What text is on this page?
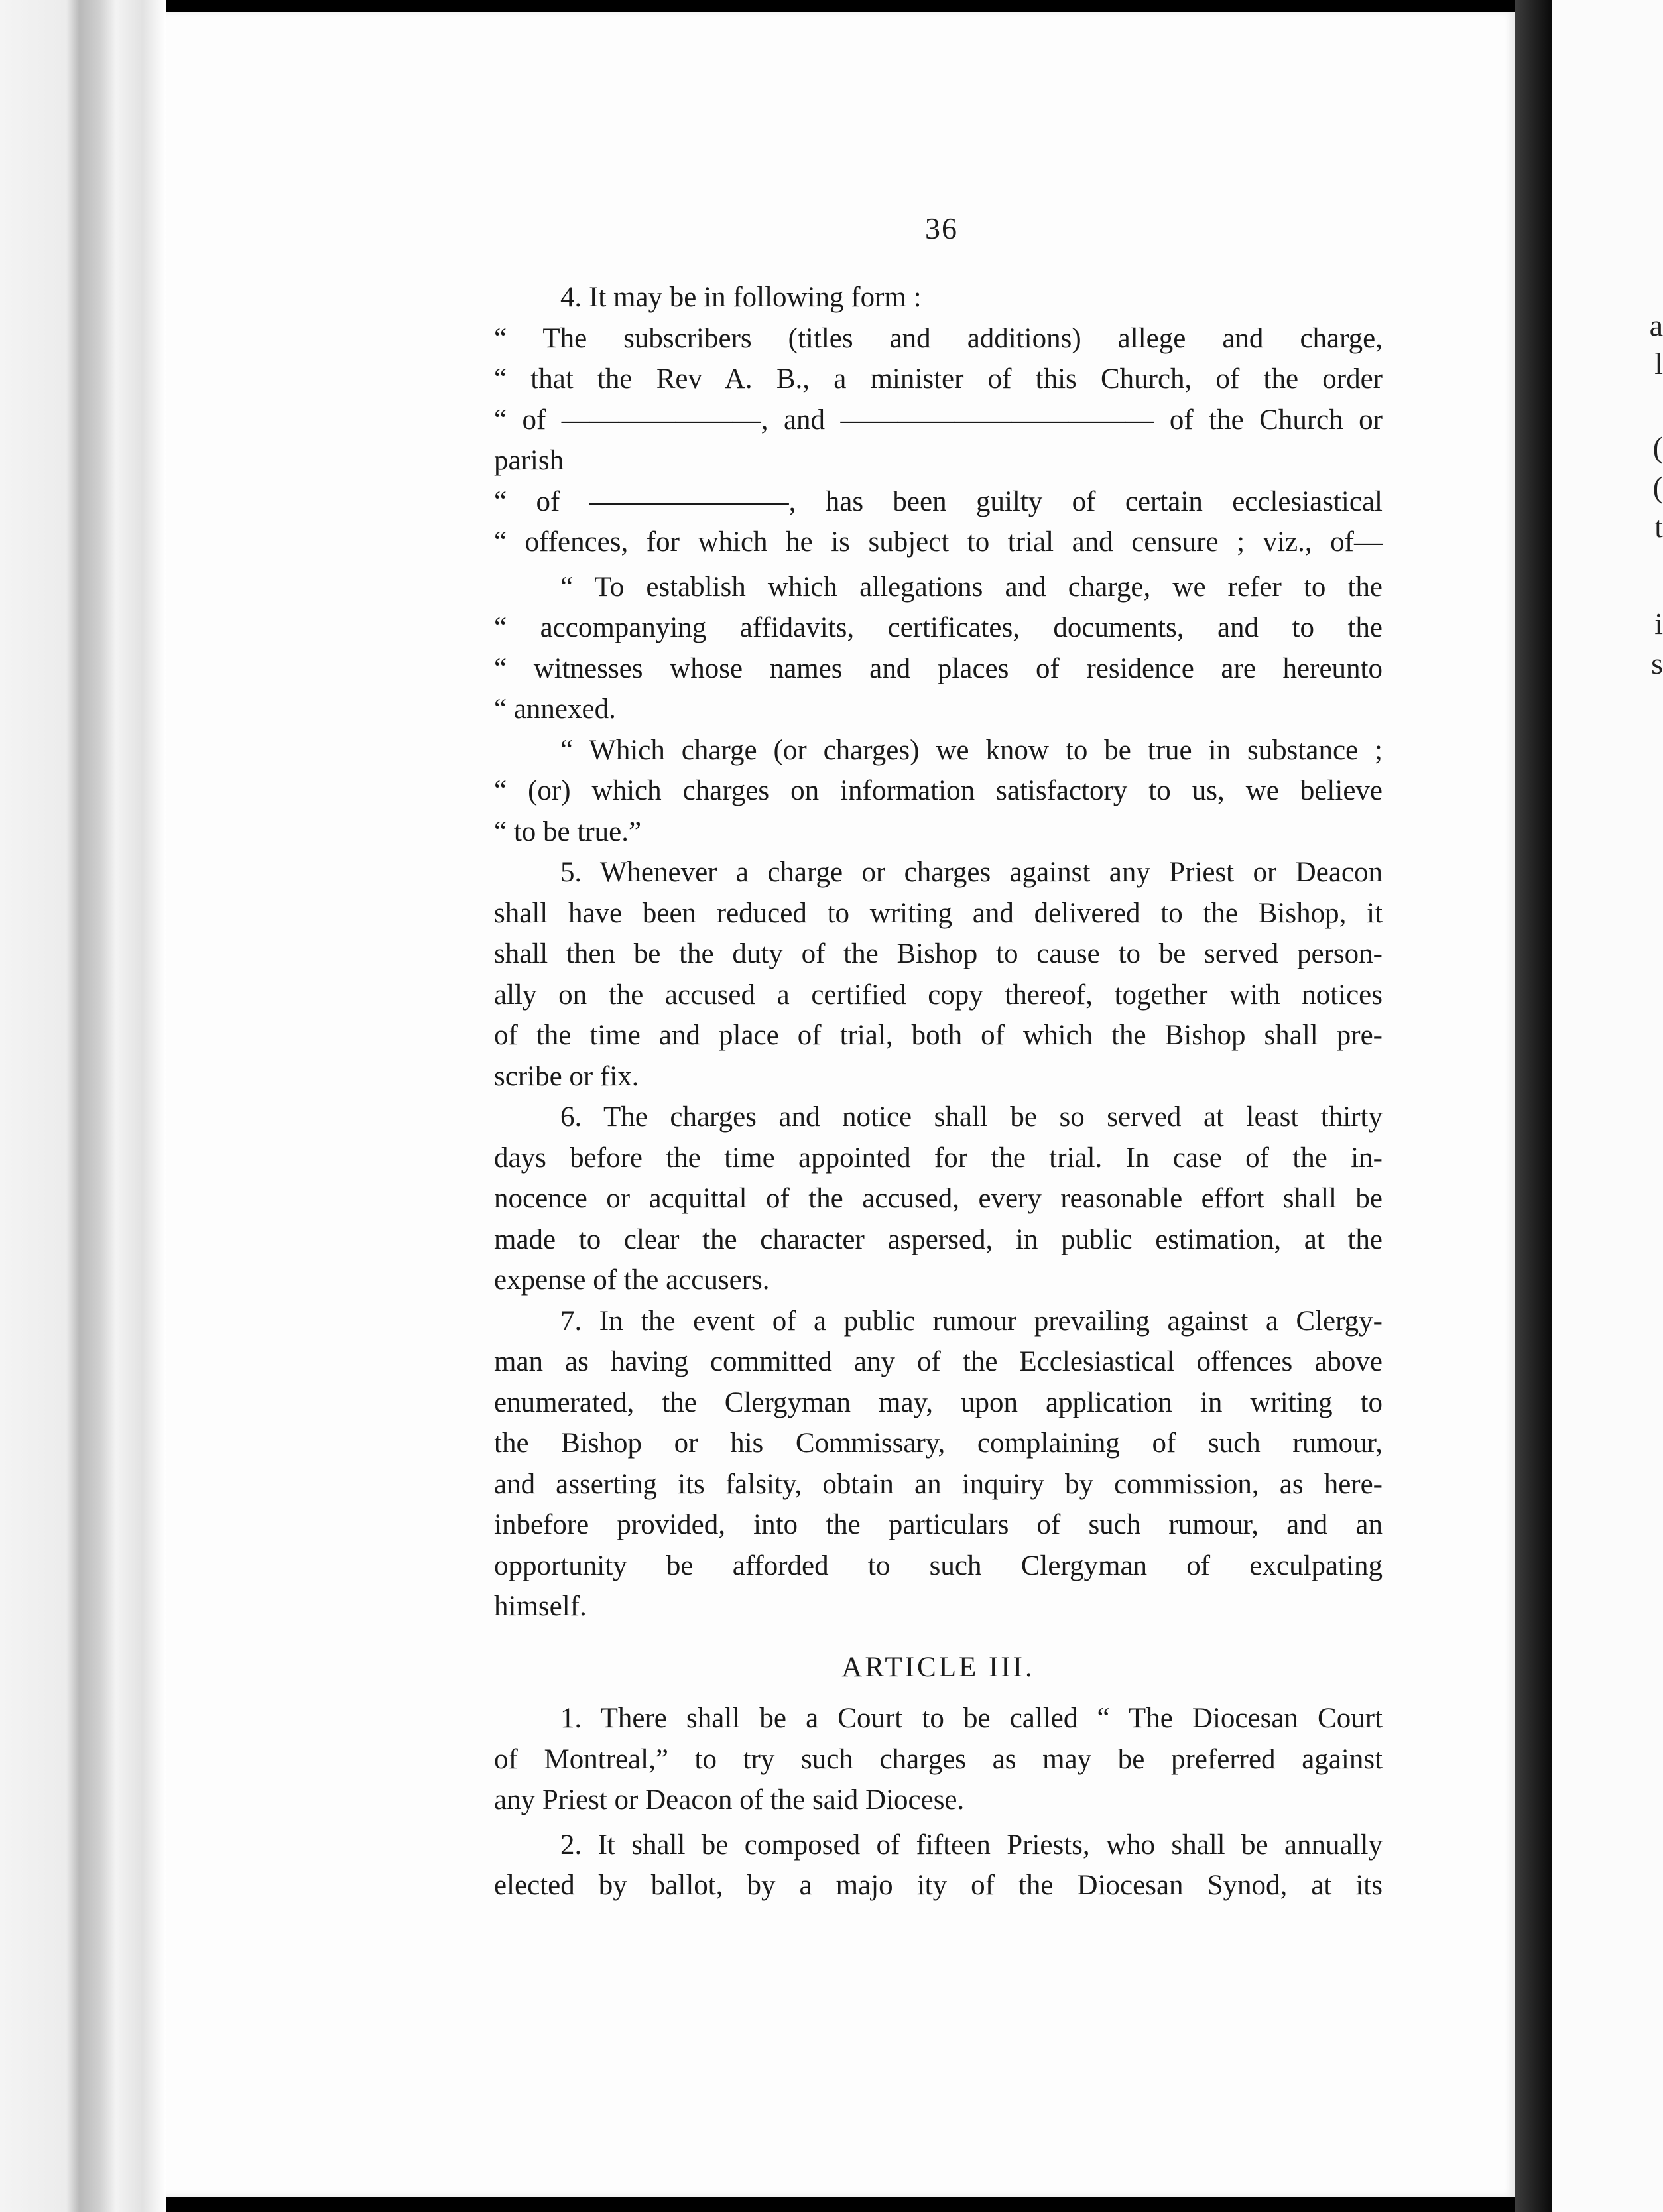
a
l
(
(
t
i
s
36

4. It may be in following form :

“ The subscribers (titles and additions) allege and charge,

“ that the Rev A. B., a minister of this Church, of the order

“ of ———————, and ——————————— of the Church or parish

“ of ———————, has been guilty of certain ecclesiastical

“ offences, for which he is subject to trial and censure ; viz., of—

“ To establish which allegations and charge, we refer to the

“ accompanying affidavits, certificates, documents, and to the

“ witnesses whose names and places of residence are hereunto

“ annexed.

“ Which charge (or charges) we know to be true in substance ;

“ (or) which charges on information satisfactory to us, we believe

“ to be true.”

5. Whenever a charge or charges against any Priest or Deacon

shall have been reduced to writing and delivered to the Bishop, it

shall then be the duty of the Bishop to cause to be served person-

ally on the accused a certified copy thereof, together with notices

of the time and place of trial, both of which the Bishop shall pre-

scribe or fix.

6. The charges and notice shall be so served at least thirty

days before the time appointed for the trial. In case of the in-

nocence or acquittal of the accused, every reasonable effort shall be

made to clear the character aspersed, in public estimation, at the

expense of the accusers.

7. In the event of a public rumour prevailing against a Clergy-

man as having committed any of the Ecclesiastical offences above

enumerated, the Clergyman may, upon application in writing to

the Bishop or his Commissary, complaining of such rumour,

and asserting its falsity, obtain an inquiry by commission, as here-

inbefore provided, into the particulars of such rumour, and an

opportunity be afforded to such Clergyman of exculpating

himself.

ARTICLE III.

1. There shall be a Court to be called “ The Diocesan Court

of Montreal,” to try such charges as may be preferred against

any Priest or Deacon of the said Diocese.

2. It shall be composed of fifteen Priests, who shall be annually

elected by ballot, by a majo ity of the Diocesan Synod, at its
